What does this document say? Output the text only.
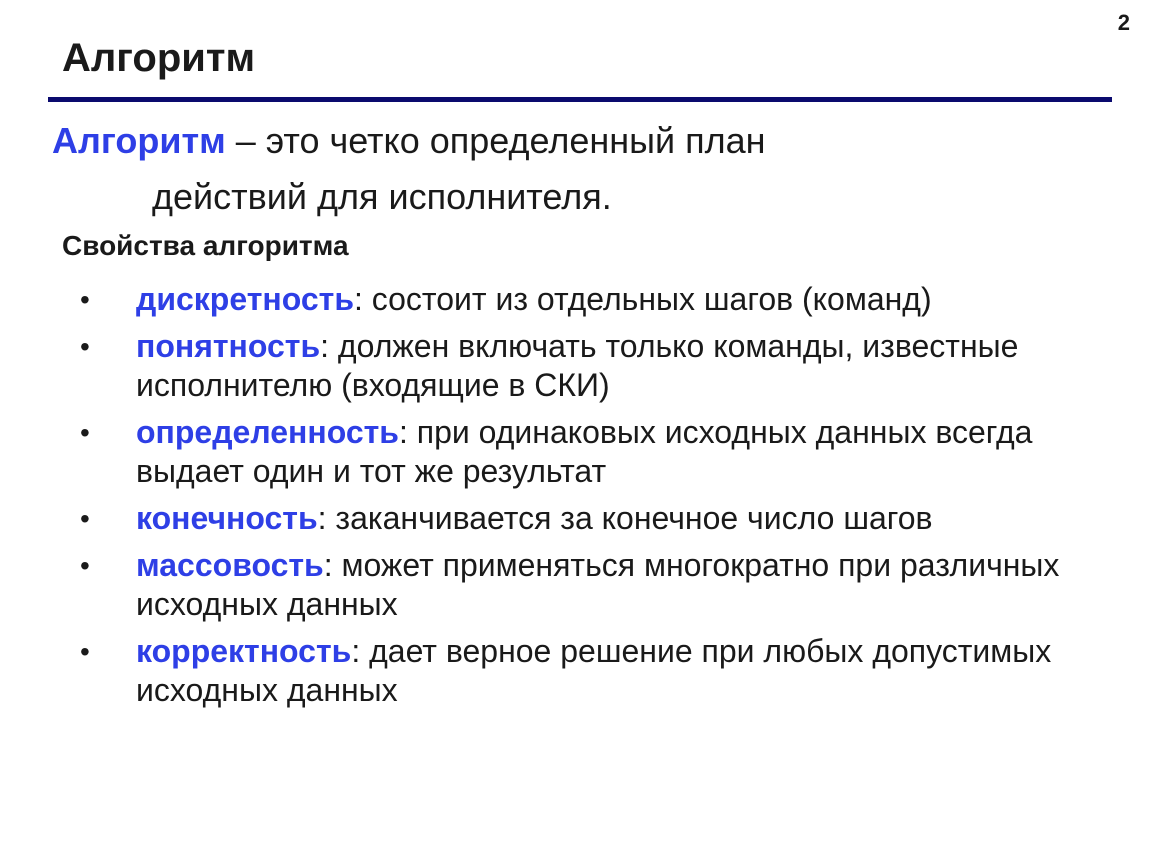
2
Алгоритм
Алгоритм – это четко определенный план
действий для исполнителя.
Свойства алгоритма
• дискретность: состоит из отдельных шагов (команд)
• понятность: должен включать только команды, известные исполнителю (входящие в СКИ)
• определенность: при одинаковых исходных данных всегда выдает один и тот же результат
• конечность: заканчивается за конечное число шагов
• массовость: может применяться многократно при различных исходных данных
• корректность: дает верное решение при любых допустимых исходных данных
